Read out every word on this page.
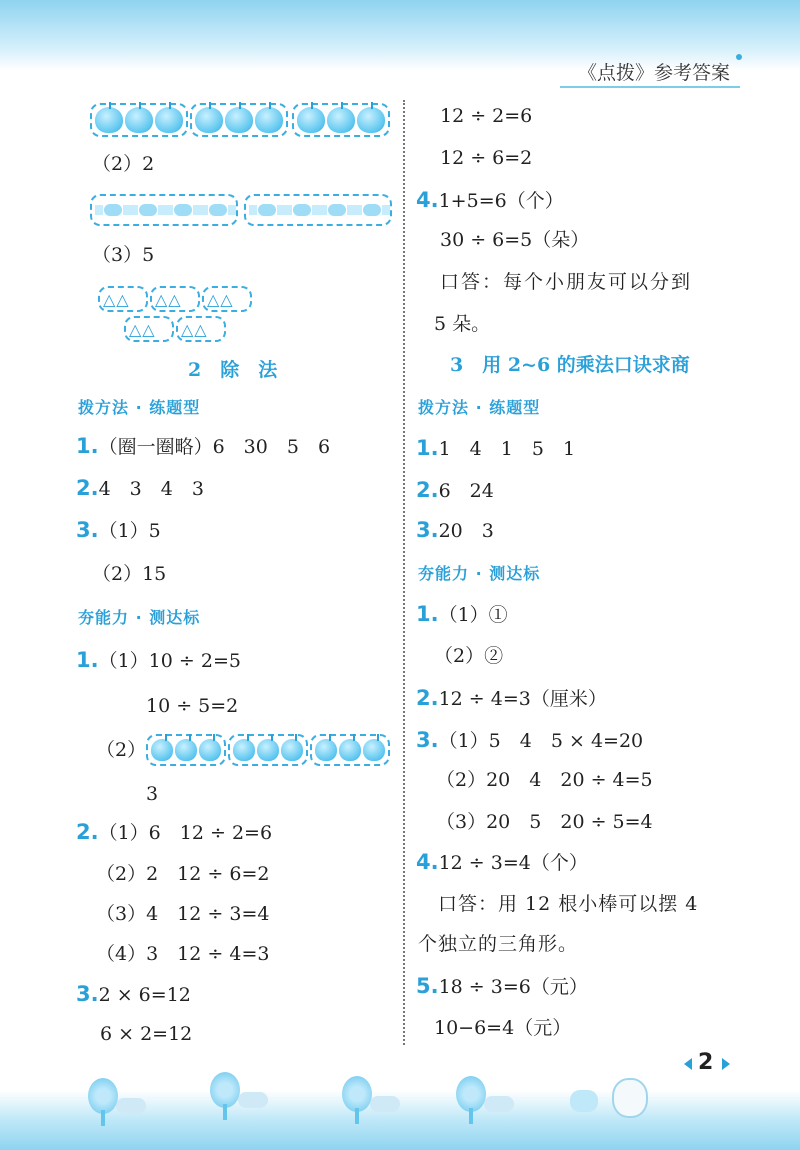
《点拨》参考答案
（2）2
（3）5
△△ △△ △△
△△ △△
2　除　法
拨方法 · 练题型
1.（圈一圈略）6　30　5　6
2.4　3　4　3
3.（1）5
（2）15
夯能力 · 测达标
1.（1）10 ÷ 2=5
10 ÷ 5=2
（2）
3
2.（1）6　12 ÷ 2=6
（2）2　12 ÷ 6=2
（3）4　12 ÷ 3=4
（4）3　12 ÷ 4=3
3.2 × 6=12
6 × 2=12
12 ÷ 2=6
12 ÷ 6=2
4.1+5=6（个）
30 ÷ 6=5（朵）
口答：每个小朋友可以分到
5 朵。
3　用 2~6 的乘法口诀求商
拨方法 · 练题型
1.1　4　1　5　1
2.6　24
3.20　3
夯能力 · 测达标
1.（1）①
（2）②
2.12 ÷ 4=3（厘米）
3.（1）5　4　5 × 4=20
（2）20　4　20 ÷ 4=5
（3）20　5　20 ÷ 5=4
4.12 ÷ 3=4（个）
口答：用 12 根小棒可以摆 4
个独立的三角形。
5.18 ÷ 3=6（元）
10−6=4（元）
2
